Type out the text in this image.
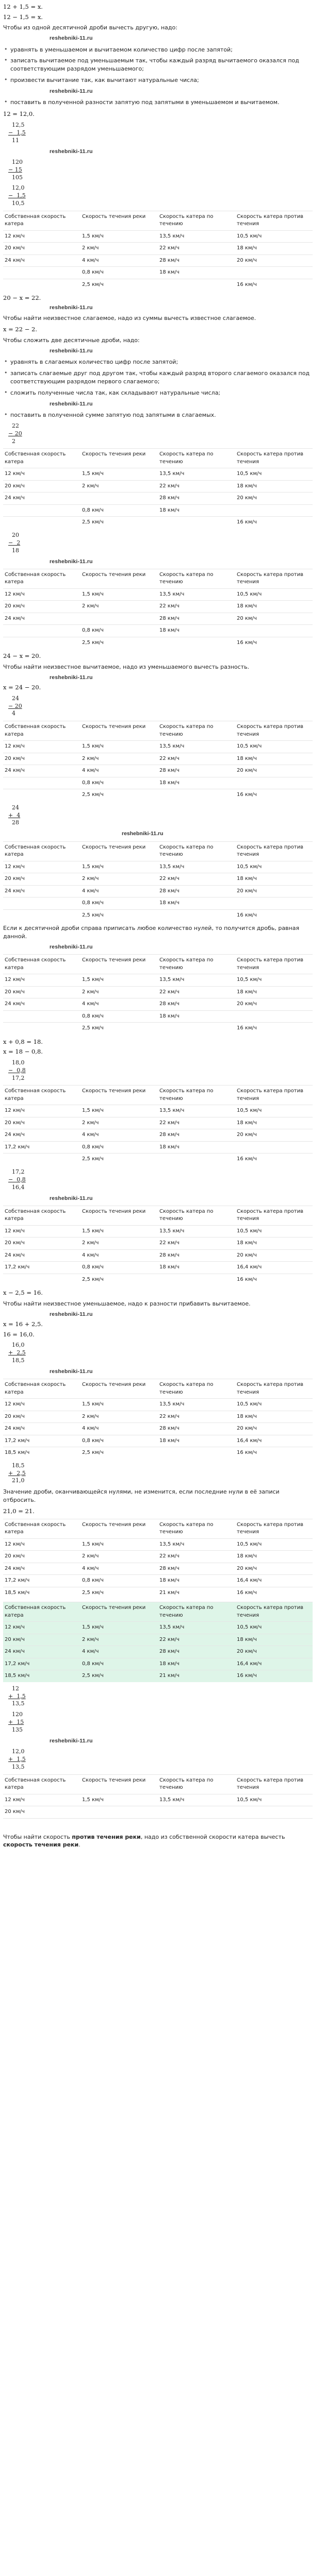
12 + 1,5 = x.
12 − 1,5 = x.
Чтобы из одной десятичной дроби вычесть другую, надо:
reshebniki-11.ru
• уравнять в уменьшаемом и вычитаемом количество цифр после запятой;
• записать вычитаемое под уменьшаемым так, чтобы каждый разряд вычитаемого оказался под соответствующим разрядом уменьшаемого;
• произвести вычитание так, как вычитают натуральные числа;
reshebniki-11.ru
• поставить в полученной разности запятую под запятыми в уменьшаемом и вычитаемом.
12 = 12,0.
12,5
−  1,5
11
reshebniki-11.ru
120
− 15
105
12,0
−  1,5
10,5
Собственная скорость катера	Скорость течения реки	Скорость катера по течению	Скорость катера против течения
12 км/ч	1,5 км/ч	13,5 км/ч	10,5 км/ч
20 км/ч	2 км/ч	22 км/ч	18 км/ч
24 км/ч	4 км/ч	28 км/ч	20 км/ч
	0,8 км/ч	18 км/ч	
	2,5 км/ч		16 км/ч
20 − x = 22.
reshebniki-11.ru
Чтобы найти неизвестное слагаемое, надо из суммы вычесть известное слагаемое.
x = 22 − 2.
Чтобы сложить две десятичные дроби, надо:
reshebniki-11.ru
• уравнять в слагаемых количество цифр после запятой;
• записать слагаемые друг под другом так, чтобы каждый разряд второго слагаемого оказался под соответствующим разрядом первого слагаемого;
• сложить полученные числа так, как складывают натуральные числа;
reshebniki-11.ru
• поставить в полученной сумме запятую под запятыми в слагаемых.
22
− 20
2
Собственная скорость катера	Скорость течения реки	Скорость катера по течению	Скорость катера против течения
12 км/ч	1,5 км/ч	13,5 км/ч	10,5 км/ч
20 км/ч	2 км/ч	22 км/ч	18 км/ч
24 км/ч		28 км/ч	20 км/ч
	0,8 км/ч	18 км/ч	
	2,5 км/ч		16 км/ч
20
−  2
18
reshebniki-11.ru
Собственная скорость катера	Скорость течения реки	Скорость катера по течению	Скорость катера против течения
12 км/ч	1,5 км/ч	13,5 км/ч	10,5 км/ч
20 км/ч	2 км/ч	22 км/ч	18 км/ч
24 км/ч		28 км/ч	20 км/ч
	0,8 км/ч	18 км/ч	
	2,5 км/ч		16 км/ч
24 − x = 20.
Чтобы найти неизвестное вычитаемое, надо из уменьшаемого вычесть разность.
reshebniki-11.ru
x = 24 − 20.
24
− 20
4
Собственная скорость катера	Скорость течения реки	Скорость катера по течению	Скорость катера против течения
12 км/ч	1,5 км/ч	13,5 км/ч	10,5 км/ч
20 км/ч	2 км/ч	22 км/ч	18 км/ч
24 км/ч	4 км/ч	28 км/ч	20 км/ч
	0,8 км/ч	18 км/ч	
	2,5 км/ч		16 км/ч
24
+  4
28
reshebniki-11.ru
Собственная скорость катера	Скорость течения реки	Скорость катера по течению	Скорость катера против течения
12 км/ч	1,5 км/ч	13,5 км/ч	10,5 км/ч
20 км/ч	2 км/ч	22 км/ч	18 км/ч
24 км/ч	4 км/ч	28 км/ч	20 км/ч
	0,8 км/ч	18 км/ч	
	2,5 км/ч		16 км/ч
Если к десятичной дроби справа приписать любое количество нулей, то получится дробь, равная данной.
reshebniki-11.ru
Собственная скорость катера	Скорость течения реки	Скорость катера по течению	Скорость катера против течения
12 км/ч	1,5 км/ч	13,5 км/ч	10,5 км/ч
20 км/ч	2 км/ч	22 км/ч	18 км/ч
24 км/ч	4 км/ч	28 км/ч	20 км/ч
	0,8 км/ч	18 км/ч	
	2,5 км/ч		16 км/ч
x + 0,8 = 18.
x = 18 − 0,8.
18,0
−  0,8
17,2
Собственная скорость катера	Скорость течения реки	Скорость катера по течению	Скорость катера против течения
12 км/ч	1,5 км/ч	13,5 км/ч	10,5 км/ч
20 км/ч	2 км/ч	22 км/ч	18 км/ч
24 км/ч	4 км/ч	28 км/ч	20 км/ч
17,2 км/ч	0,8 км/ч	18 км/ч	
	2,5 км/ч		16 км/ч
17,2
−  0,8
16,4
reshebniki-11.ru
Собственная скорость катера	Скорость течения реки	Скорость катера по течению	Скорость катера против течения
12 км/ч	1,5 км/ч	13,5 км/ч	10,5 км/ч
20 км/ч	2 км/ч	22 км/ч	18 км/ч
24 км/ч	4 км/ч	28 км/ч	20 км/ч
17,2 км/ч	0,8 км/ч	18 км/ч	16,4 км/ч
	2,5 км/ч		16 км/ч
x − 2,5 = 16.
Чтобы найти неизвестное уменьшаемое, надо к разности прибавить вычитаемое.
reshebniki-11.ru
x = 16 + 2,5.
16 = 16,0.
16,0
+  2,5
18,5
reshebniki-11.ru
Собственная скорость катера	Скорость течения реки	Скорость катера по течению	Скорость катера против течения
12 км/ч	1,5 км/ч	13,5 км/ч	10,5 км/ч
20 км/ч	2 км/ч	22 км/ч	18 км/ч
24 км/ч	4 км/ч	28 км/ч	20 км/ч
17,2 км/ч	0,8 км/ч	18 км/ч	16,4 км/ч
18,5 км/ч	2,5 км/ч		16 км/ч
18,5
+  2,5
21,0
Значение дроби, оканчивающейся нулями, не изменится, если последние нули в её записи отбросить.
21,0 = 21.
Собственная скорость катера	Скорость течения реки	Скорость катера по течению	Скорость катера против течения
12 км/ч	1,5 км/ч	13,5 км/ч	10,5 км/ч
20 км/ч	2 км/ч	22 км/ч	18 км/ч
24 км/ч	4 км/ч	28 км/ч	20 км/ч
17,2 км/ч	0,8 км/ч	18 км/ч	16,4 км/ч
18,5 км/ч	2,5 км/ч	21 км/ч	16 км/ч
Собственная скорость катера	Скорость течения реки	Скорость катера по течению	Скорость катера против течения
12 км/ч	1,5 км/ч	13,5 км/ч	10,5 км/ч
20 км/ч	2 км/ч	22 км/ч	18 км/ч
24 км/ч	4 км/ч	28 км/ч	20 км/ч
17,2 км/ч	0,8 км/ч	18 км/ч	16,4 км/ч
18,5 км/ч	2,5 км/ч	21 км/ч	16 км/ч
12
+  1,5
13,5
120
+  15
135
reshebniki-11.ru
12,0
+  1,5
13,5
Собственная скорость катера	Скорость течения реки	Скорость катера по течению	Скорость катера против течения
12 км/ч	1,5 км/ч	13,5 км/ч	10,5 км/ч
20 км/ч			

Чтобы найти скорость против течения реки, надо из собственной скорости катера вычесть скорость течения реки.
